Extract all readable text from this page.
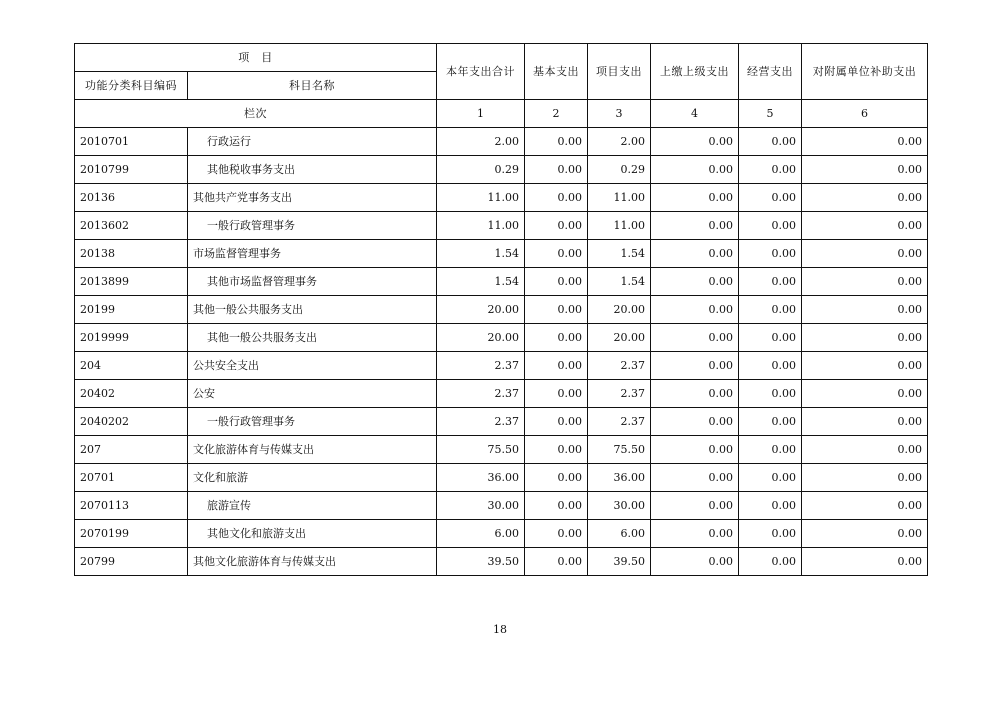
项　目		本年支出合计	基本支出	项目支出	上缴上级支出	经营支出	对附属单位补助支出
功能分类科目编码	科目名称						
栏次		1	2	3	4	5	6
2010701	行政运行	2.00	0.00	2.00	0.00	0.00	0.00
2010799	其他税收事务支出	0.29	0.00	0.29	0.00	0.00	0.00
20136	其他共产党事务支出	11.00	0.00	11.00	0.00	0.00	0.00
2013602	一般行政管理事务	11.00	0.00	11.00	0.00	0.00	0.00
20138	市场监督管理事务	1.54	0.00	1.54	0.00	0.00	0.00
2013899	其他市场监督管理事务	1.54	0.00	1.54	0.00	0.00	0.00
20199	其他一般公共服务支出	20.00	0.00	20.00	0.00	0.00	0.00
2019999	其他一般公共服务支出	20.00	0.00	20.00	0.00	0.00	0.00
204	公共安全支出	2.37	0.00	2.37	0.00	0.00	0.00
20402	公安	2.37	0.00	2.37	0.00	0.00	0.00
2040202	一般行政管理事务	2.37	0.00	2.37	0.00	0.00	0.00
207	文化旅游体育与传媒支出	75.50	0.00	75.50	0.00	0.00	0.00
20701	文化和旅游	36.00	0.00	36.00	0.00	0.00	0.00
2070113	旅游宣传	30.00	0.00	30.00	0.00	0.00	0.00
2070199	其他文化和旅游支出	6.00	0.00	6.00	0.00	0.00	0.00
20799	其他文化旅游体育与传媒支出	39.50	0.00	39.50	0.00	0.00	0.00
18
